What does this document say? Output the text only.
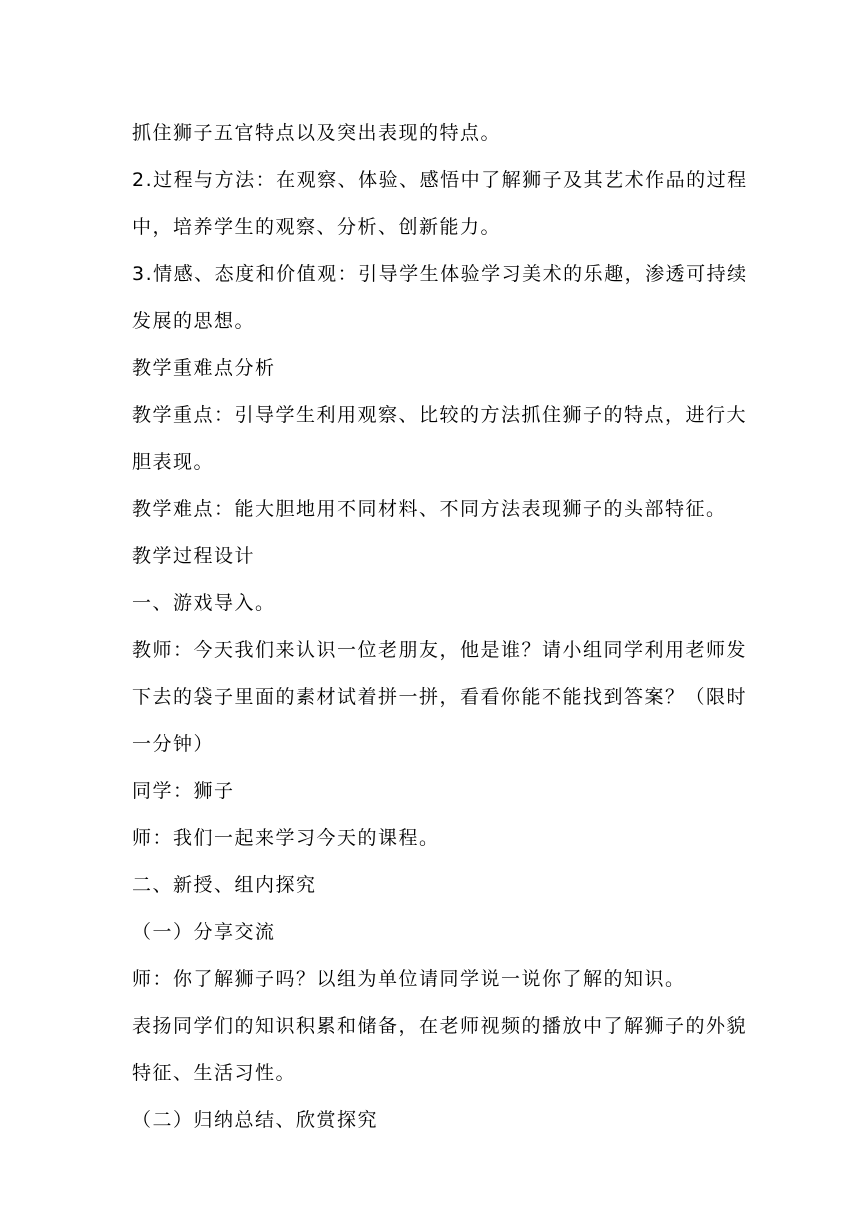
抓住狮子五官特点以及突出表现的特点。
2.过程与方法：在观察、体验、感悟中了解狮子及其艺术作品的过程
中，培养学生的观察、分析、创新能力。
3.情感、态度和价值观：引导学生体验学习美术的乐趣，渗透可持续
发展的思想。
教学重难点分析
教学重点：引导学生利用观察、比较的方法抓住狮子的特点，进行大
胆表现。
教学难点：能大胆地用不同材料、不同方法表现狮子的头部特征。
教学过程设计
一、游戏导入。
教师：今天我们来认识一位老朋友，他是谁？请小组同学利用老师发
下去的袋子里面的素材试着拼一拼，看看你能不能找到答案？（限时
一分钟）
同学：狮子
师：我们一起来学习今天的课程。
二、新授、组内探究
（一）分享交流
师：你了解狮子吗？以组为单位请同学说一说你了解的知识。
表扬同学们的知识积累和储备，在老师视频的播放中了解狮子的外貌
特征、生活习性。
（二）归纳总结、欣赏探究
